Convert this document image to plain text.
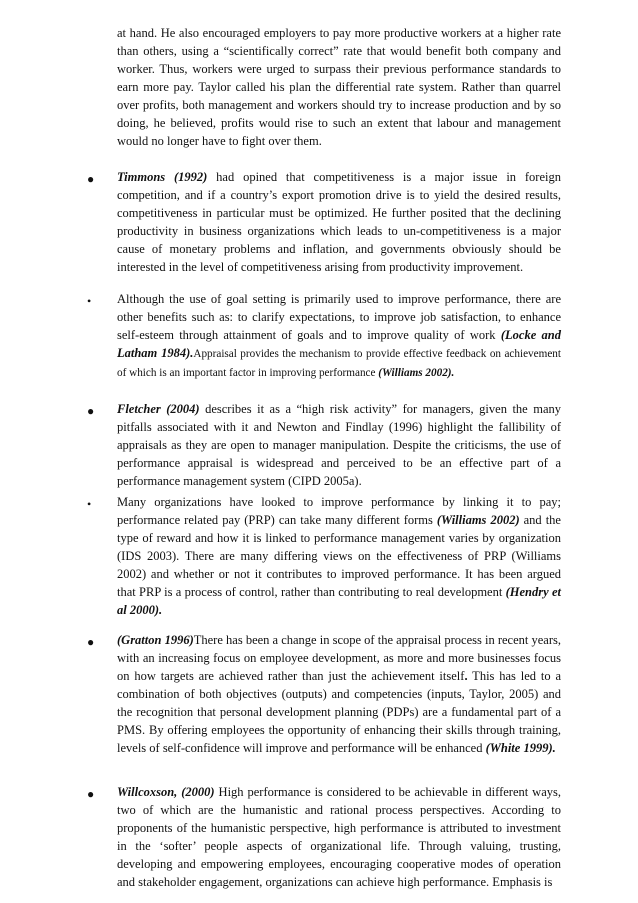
at hand. He also encouraged employers to pay more productive workers at a higher rate than others, using a “scientifically correct” rate that would benefit both company and worker. Thus, workers were urged to surpass their previous performance standards to earn more pay. Taylor called his plan the differential rate system. Rather than quarrel over profits, both management and workers should try to increase production and by so doing, he believed, profits would rise to such an extent that labour and management would no longer have to fight over them.

●	Timmons (1992) had opined that competitiveness is a major issue in foreign competition, and if a country’s export promotion drive is to yield the desired results, competitiveness in particular must be optimized. He further posited that the declining productivity in business organizations which leads to un-competitiveness is a major cause of monetary problems and inflation, and governments obviously should be interested in the level of competitiveness arising from productivity improvement.

•	Although the use of goal setting is primarily used to improve performance, there are other benefits such as: to clarify expectations, to improve job satisfaction, to enhance self-esteem through attainment of goals and to improve quality of work (Locke and Latham 1984).Appraisal provides the mechanism to provide effective feedback on achievement of which is an important factor in improving performance (Williams 2002).

●	Fletcher (2004) describes it as a “high risk activity” for managers, given the many pitfalls associated with it and Newton and Findlay (1996) highlight the fallibility of appraisals as they are open to manager manipulation. Despite the criticisms, the use of performance appraisal is widespread and perceived to be an effective part of a performance management system (CIPD 2005a).

•	Many organizations have looked to improve performance by linking it to pay; performance related pay (PRP) can take many different forms (Williams 2002) and the type of reward and how it is linked to performance management varies by organization (IDS 2003). There are many differing views on the effectiveness of PRP (Williams 2002) and whether or not it contributes to improved performance. It has been argued that PRP is a process of control, rather than contributing to real development (Hendry et al 2000).

●	(Gratton 1996)There has been a change in scope of the appraisal process in recent years, with an increasing focus on employee development, as more and more businesses focus on how targets are achieved rather than just the achievement itself. This has led to a combination of both objectives (outputs) and competencies (inputs, Taylor, 2005) and the recognition that personal development planning (PDPs) are a fundamental part of a PMS. By offering employees the opportunity of enhancing their skills through training, levels of self-confidence will improve and performance will be enhanced (White 1999).

●	Willcoxson, (2000) High performance is considered to be achievable in different ways, two of which are the humanistic and rational process perspectives. According to proponents of the humanistic perspective, high performance is attributed to investment in the ‘softer’ people aspects of organizational life. Through valuing, trusting, developing and empowering employees, encouraging cooperative modes of operation and stakeholder engagement, organizations can achieve high performance. Emphasis is
